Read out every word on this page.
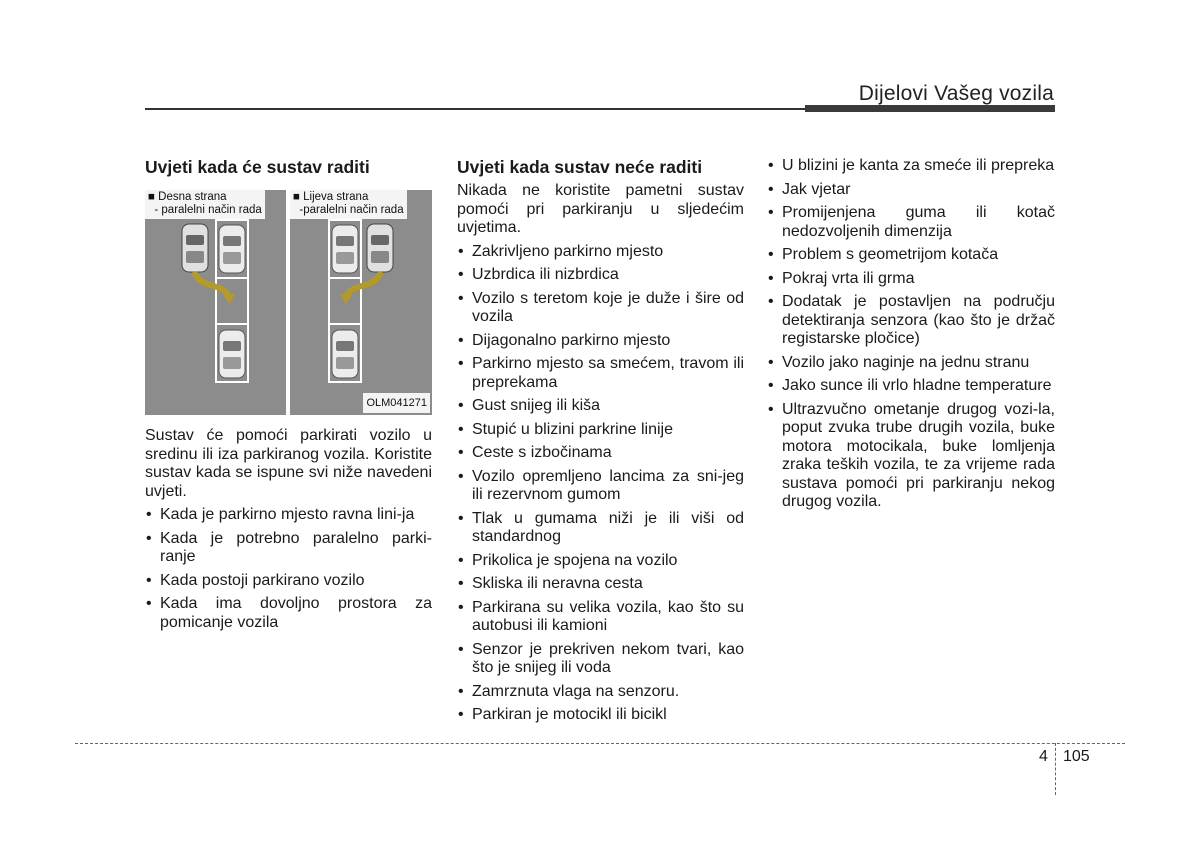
Dijelovi Vašeg vozila
Uvjeti kada će sustav raditi
■ Desna strana
- paralelni način rada
■ Lijeva strana
-paralelni način rada
OLM041271

Sustav će pomoći parkirati vozilo u sredinu ili iza parkiranog vozila. Koristite sustav kada se ispune svi niže navedeni uvjeti.

• Kada je parkirno mjesto ravna lini-ja
• Kada je potrebno paralelno parki-ranje
• Kada postoji parkirano vozilo
• Kada ima dovoljno prostora za pomicanje vozila
Uvjeti kada sustav neće raditi

Nikada ne koristite pametni sustav pomoći pri parkiranju u sljedećim uvjetima.

• Zakrivljeno parkirno mjesto
• Uzbrdica ili nizbrdica
• Vozilo s teretom koje je duže i šire od vozila
• Dijagonalno parkirno mjesto
• Parkirno mjesto sa smećem, travom ili preprekama
• Gust snijeg ili kiša
• Stupić u blizini parkrine linije
• Ceste s izbočinama
• Vozilo opremljeno lancima za sni-jeg ili rezervnom gumom
• Tlak u gumama niži je ili viši od standardnog
• Prikolica je spojena na vozilo
• Skliska ili neravna cesta
• Parkirana su velika vozila, kao što su autobusi ili kamioni
• Senzor je prekriven nekom tvari, kao što je snijeg ili voda
• Zamrznuta vlaga na senzoru.
• Parkiran je motocikl ili bicikl
• U blizini je kanta za smeće ili prepreka
• Jak vjetar
• Promijenjena guma ili kotač nedozvoljenih dimenzija
• Problem s geometrijom kotača
• Pokraj vrta ili grma
• Dodatak je postavljen na području detektiranja senzora (kao što je držač registarske pločice)
• Vozilo jako naginje na jednu stranu
• Jako sunce ili vrlo hladne temperature
• Ultrazvučno ometanje drugog vozi-la, poput zvuka trube drugih vozila, buke motora motocikala, buke lomljenja zraka teških vozila, te za vrijeme rada sustava pomoći pri parkiranju nekog drugog vozila.
4 105
